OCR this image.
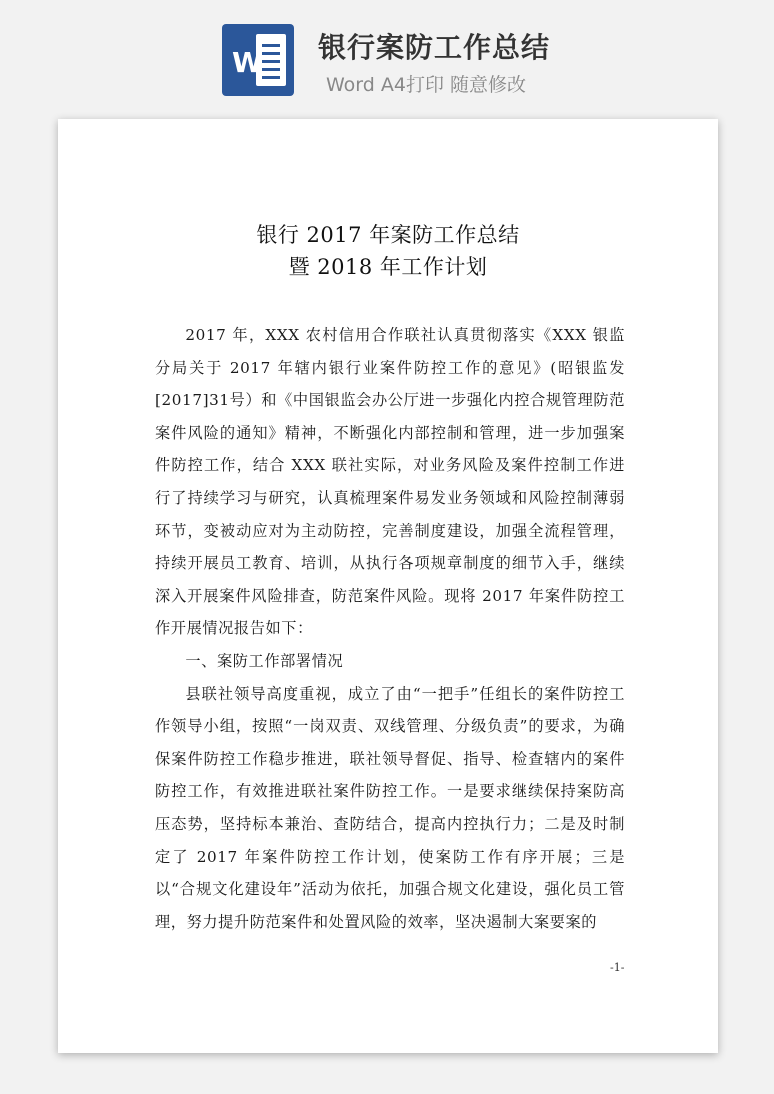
W 银行案防工作总结
Word A4打印 随意修改
银行 2017 年案防工作总结
暨 2018 年工作计划

2017 年，XXX 农村信用合作联社认真贯彻落实《XXX 银监分局关于 2017 年辖内银行业案件防控工作的意见》(昭银监发[2017]31号）和《中国银监会办公厅进一步强化内控合规管理防范案件风险的通知》精神，不断强化内部控制和管理，进一步加强案件防控工作，结合 XXX 联社实际，对业务风险及案件控制工作进行了持续学习与研究，认真梳理案件易发业务领域和风险控制薄弱环节，变被动应对为主动防控，完善制度建设，加强全流程管理，持续开展员工教育、培训，从执行各项规章制度的细节入手，继续深入开展案件风险排查，防范案件风险。现将 2017 年案件防控工作开展情况报告如下：

一、案防工作部署情况

县联社领导高度重视，成立了由“一把手”任组长的案件防控工作领导小组，按照“一岗双责、双线管理、分级负责”的要求，为确保案件防控工作稳步推进，联社领导督促、指导、检查辖内的案件防控工作，有效推进联社案件防控工作。一是要求继续保持案防高压态势，坚持标本兼治、查防结合，提高内控执行力；二是及时制定了 2017 年案件防控工作计划，使案防工作有序开展；三是以“合规文化建设年”活动为依托，加强合规文化建设，强化员工管理，努力提升防范案件和处置风险的效率，坚决遏制大案要案的

-1-
